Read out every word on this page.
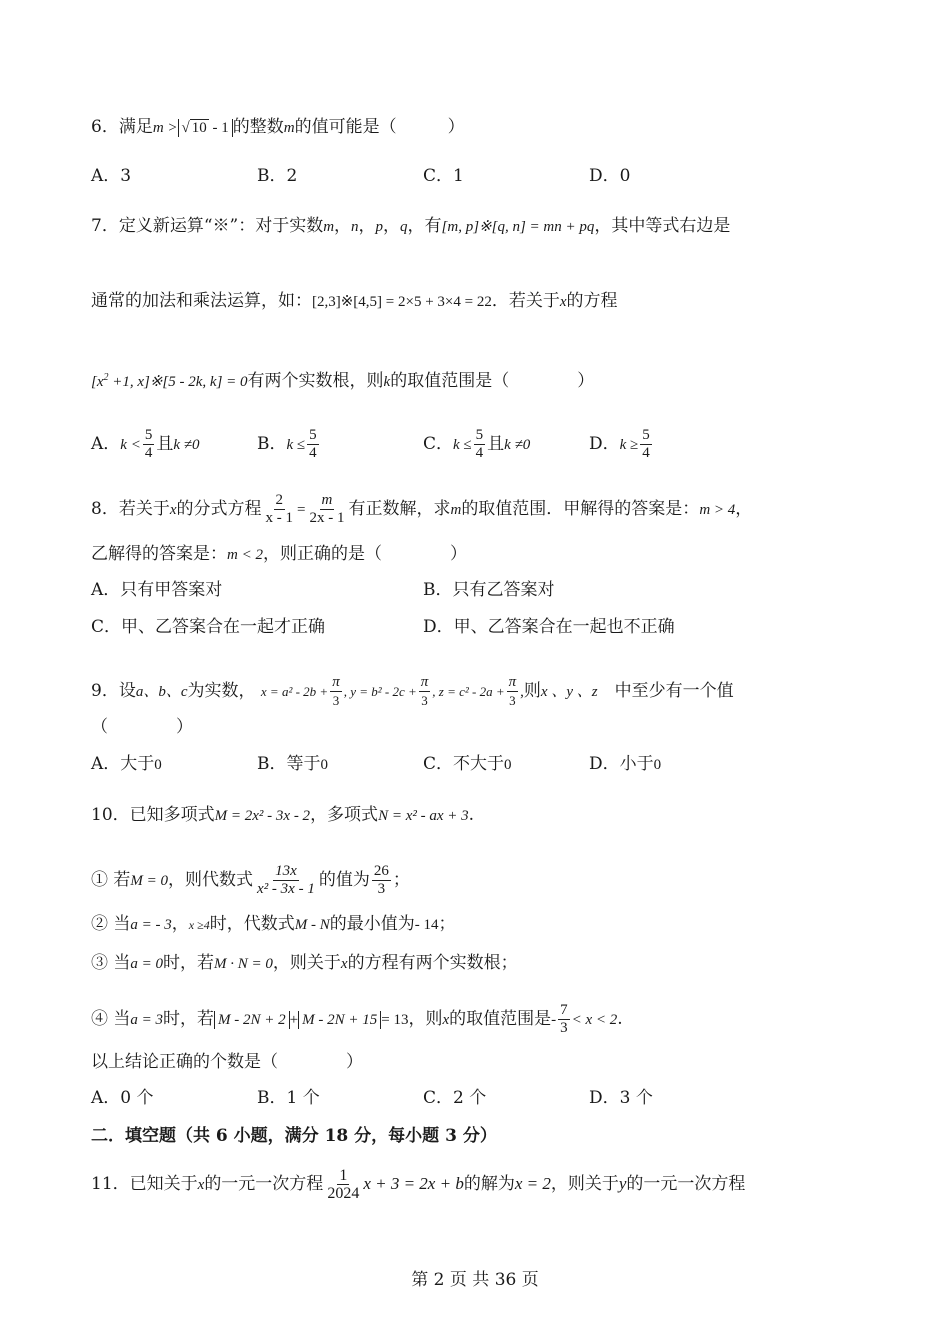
6．满足m > √ 10 - 1 的整数m的值可能是（　　　）
A．3	B．2	C．1	D．0
7．定义新运算“※”：对于实数m，n，p，q，有[m, p]※[q, n] = mn + pq，其中等式右边是
通常的加法和乘法运算，如：[2,3]※[4,5] = 2×5 + 3×4 = 22．若关于x的方程
[$x^2 +1$, x]※[5 - 2k, k] = 0有两个实数根，则k的取值范围是（　　　　）
A．$k < \frac{5}{4}$ 且k ≠0	B．$k \le \frac{5}{4}$	C．$k \le \frac{5}{4}$ 且k ≠0	D．$k \ge \frac{5}{4}$
8．若关于x的分式方程 $\frac{2}{x - 1} = \frac{m}{2x - 1}$ 有正数解，求m的取值范围．甲解得的答案是：m > 4，
乙解得的答案是：m < 2，则正确的是（　　　　）
A．只有甲答案对	B．只有乙答案对
C．甲、乙答案合在一起才正确	D．甲、乙答案合在一起也不正确
9．设a、b、c为实数， $x = a^2 - 2b + \frac{\pi}{3}$ , $y = b^2 - 2c + \frac{\pi}{3}$ , $z = c^2 - 2a + \frac{\pi}{3}$ ,则x 、y 、z　 中至少有一个值
（　　　　）
A．大于0	B．等于0	C．不大于0	D．小于0
10．已知多项式M = 2x² - 3x - 2，多项式N = x² - ax + 3.
① 若M = 0，则代数式 $\frac{13x}{\text{x² - 3x - 1}}$ 的值为 $\frac{26}{3}$ ；
② 当a = - 3，x ≥4时，代数式M - N的最小值为- 14；
③ 当a = 0时，若M · N = 0，则关于x的方程有两个实数根；
④ 当a = 3时，若 M - 2N + 2 + M - 2N + 15 = 13，则x的取值范围是- $\frac{7}{3} < x < 2$.
以上结论正确的个数是（　　　　）
A．0 个	B．1 个	C．2 个	D．3 个
二．填空题（共 6 小题，满分 18 分，每小题 3 分）
11．已知关于x的一元一次方程 $\frac{1}{2024}$ x + 3 = 2x + b的解为x = 2，则关于y的一元一次方程
第 2 页 共 36 页
